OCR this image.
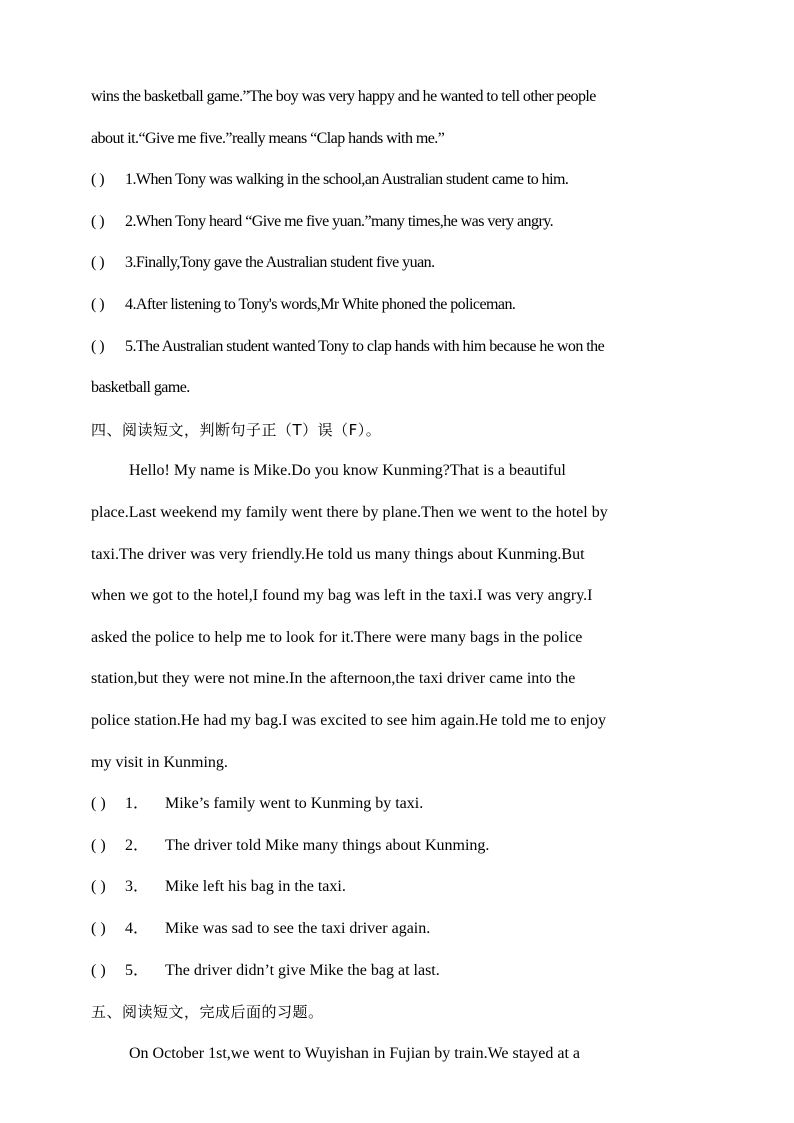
wins the basketball game.”The boy was very happy and he wanted to tell other people
about it.“Give me five.”really means “Clap hands with me.”
( ) 1.When Tony was walking in the school,an Australian student came to him.
( ) 2.When Tony heard “Give me five yuan.”many times,he was very angry.
( ) 3.Finally,Tony gave the Australian student five yuan.
( ) 4.After listening to Tony's words,Mr White phoned the policeman.
( ) 5.The Australian student wanted Tony to clap hands with him because he won the
basketball game.
四、阅读短文，判断句子正（T）误（F）。
Hello! My name is Mike.Do you know Kunming?That is a beautiful
place.Last weekend my family went there by plane.Then we went to the hotel by
taxi.The driver was very friendly.He told us many things about Kunming.But
when we got to the hotel,I found my bag was left in the taxi.I was very angry.I
asked the police to help me to look for it.There were many bags in the police
station,but they were not mine.In the afternoon,the taxi driver came into the
police station.He had my bag.I was excited to see him again.He told me to enjoy
my visit in Kunming.
( ) 1． Mike’s family went to Kunming by taxi.
( ) 2． The driver told Mike many things about Kunming.
( ) 3． Mike left his bag in the taxi.
( ) 4． Mike was sad to see the taxi driver again.
( ) 5． The driver didn’t give Mike the bag at last.
五、阅读短文，完成后面的习题。
On October 1st,we went to Wuyishan in Fujian by train.We stayed at a
